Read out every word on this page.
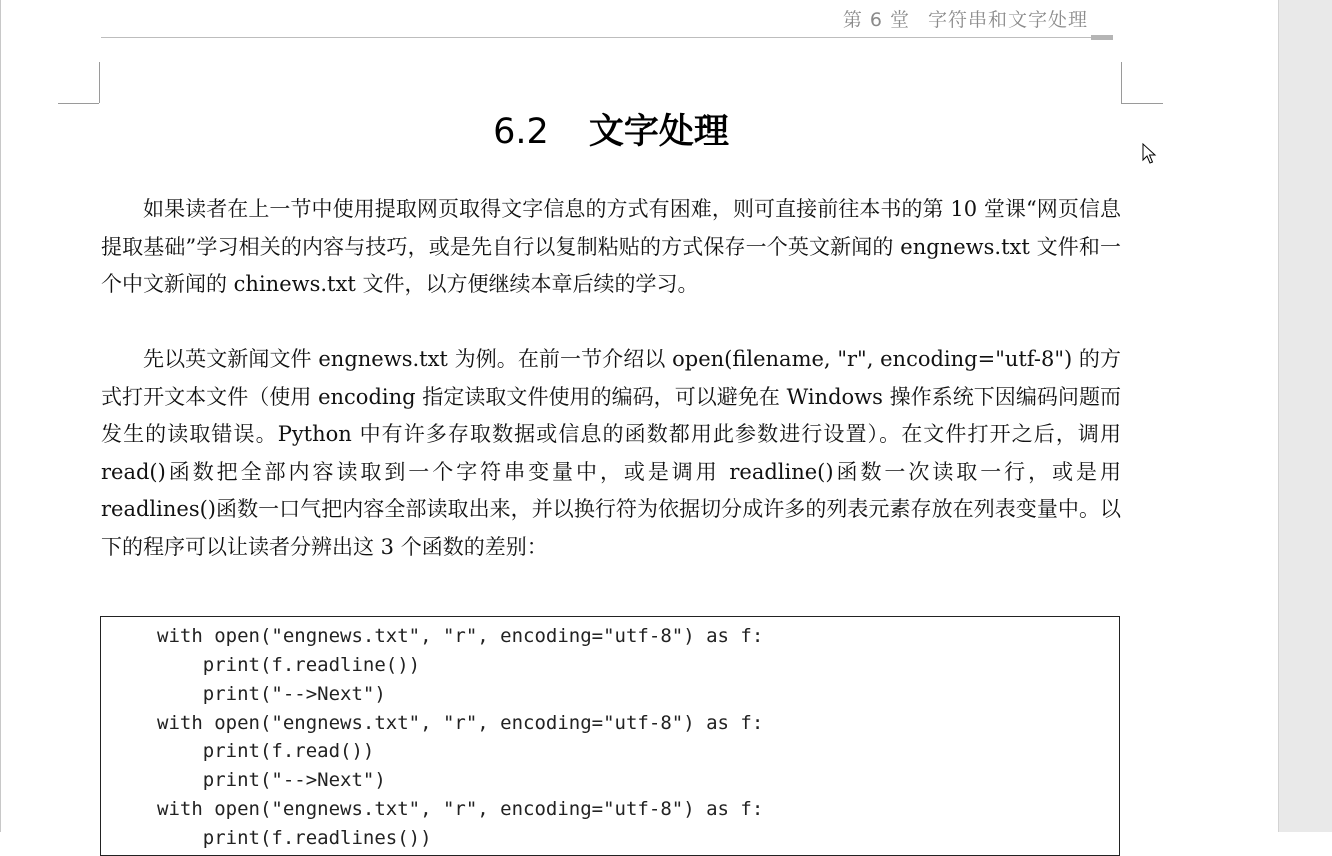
第 6 堂 字符串和文字处理
6.2 文字处理

如果读者在上一节中使用提取网页取得文字信息的方式有困难，则可直接前往本书的第 10 堂课“网页信息提取基础”学习相关的内容与技巧，或是先自行以复制粘贴的方式保存一个英文新闻的 engnews.txt 文件和一个中文新闻的 chinews.txt 文件，以方便继续本章后续的学习。

先以英文新闻文件 engnews.txt 为例。在前一节介绍以 open(filename, "r", encoding="utf-8") 的方式打开文本文件（使用 encoding 指定读取文件使用的编码，可以避免在 Windows 操作系统下因编码问题而发生的读取错误。Python 中有许多存取数据或信息的函数都用此参数进行设置）。在文件打开之后，调用 read()函数把全部内容读取到一个字符串变量中，或是调用 readline()函数一次读取一行，或是用 readlines()函数一口气把内容全部读取出来，并以换行符为依据切分成许多的列表元素存放在列表变量中。以下的程序可以让读者分辨出这 3 个函数的差别：

with open("engnews.txt", "r", encoding="utf-8") as f:
print(f.readline())
print("-->Next")
with open("engnews.txt", "r", encoding="utf-8") as f:
print(f.read())
print("-->Next")
with open("engnews.txt", "r", encoding="utf-8") as f:
print(f.readlines())
